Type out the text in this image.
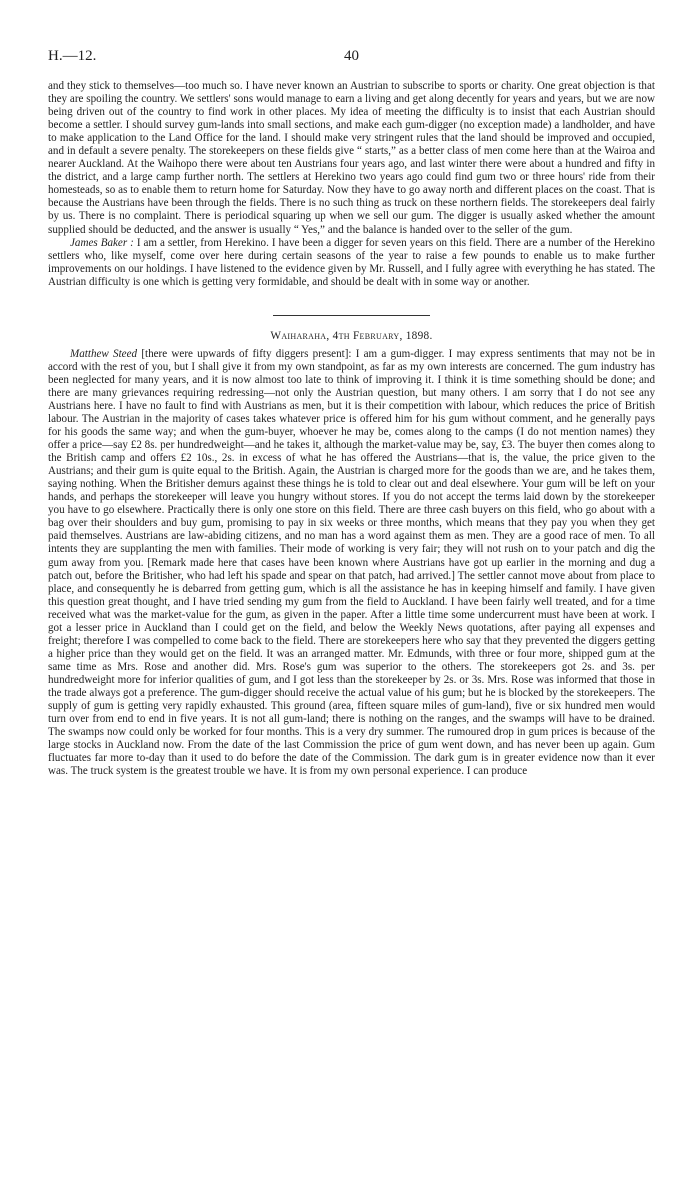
H.—12.	40

and they stick to themselves—too much so. I have never known an Austrian to subscribe to sports or charity. One great objection is that they are spoiling the country. We settlers' sons would manage to earn a living and get along decently for years and years, but we are now being driven out of the country to find work in other places. My idea of meeting the difficulty is to insist that each Austrian should become a settler. I should survey gum-lands into small sections, and make each gum-digger (no exception made) a landholder, and have to make application to the Land Office for the land. I should make very stringent rules that the land should be improved and occupied, and in default a severe penalty. The storekeepers on these fields give “ starts,” as a better class of men come here than at the Wairoa and nearer Auckland. At the Waihopo there were about ten Austrians four years ago, and last winter there were about a hundred and fifty in the district, and a large camp further north. The settlers at Herekino two years ago could find gum two or three hours' ride from their homesteads, so as to enable them to return home for Saturday. Now they have to go away north and different places on the coast. That is because the Austrians have been through the fields. There is no such thing as truck on these northern fields. The storekeepers deal fairly by us. There is no complaint. There is periodical squaring up when we sell our gum. The digger is usually asked whether the amount supplied should be deducted, and the answer is usually “ Yes,” and the balance is handed over to the seller of the gum.

James Baker : I am a settler, from Herekino. I have been a digger for seven years on this field. There are a number of the Herekino settlers who, like myself, come over here during certain seasons of the year to raise a few pounds to enable us to make further improvements on our holdings. I have listened to the evidence given by Mr. Russell, and I fully agree with everything he has stated. The Austrian difficulty is one which is getting very formidable, and should be dealt with in some way or another.

Waiharaha, 4th February, 1898.

Matthew Steed [there were upwards of fifty diggers present]: I am a gum-digger. I may express sentiments that may not be in accord with the rest of you, but I shall give it from my own standpoint, as far as my own interests are concerned. The gum industry has been neglected for many years, and it is now almost too late to think of improving it. I think it is time something should be done; and there are many grievances requiring redressing—not only the Austrian question, but many others. I am sorry that I do not see any Austrians here. I have no fault to find with Austrians as men, but it is their competition with labour, which reduces the price of British labour. The Austrian in the majority of cases takes whatever price is offered him for his gum without comment, and he generally pays for his goods the same way; and when the gum-buyer, whoever he may be, comes along to the camps (I do not mention names) they offer a price—say £2 8s. per hundredweight—and he takes it, although the market-value may be, say, £3. The buyer then comes along to the British camp and offers £2 10s., 2s. in excess of what he has offered the Austrians—that is, the value, the price given to the Austrians; and their gum is quite equal to the British. Again, the Austrian is charged more for the goods than we are, and he takes them, saying nothing. When the Britisher demurs against these things he is told to clear out and deal elsewhere. Your gum will be left on your hands, and perhaps the storekeeper will leave you hungry without stores. If you do not accept the terms laid down by the storekeeper you have to go elsewhere. Practically there is only one store on this field. There are three cash buyers on this field, who go about with a bag over their shoulders and buy gum, promising to pay in six weeks or three months, which means that they pay you when they get paid themselves. Austrians are law-abiding citizens, and no man has a word against them as men. They are a good race of men. To all intents they are supplanting the men with families. Their mode of working is very fair; they will not rush on to your patch and dig the gum away from you. [Remark made here that cases have been known where Austrians have got up earlier in the morning and dug a patch out, before the Britisher, who had left his spade and spear on that patch, had arrived.] The settler cannot move about from place to place, and consequently he is debarred from getting gum, which is all the assistance he has in keeping himself and family. I have given this question great thought, and I have tried sending my gum from the field to Auckland. I have been fairly well treated, and for a time received what was the market-value for the gum, as given in the paper. After a little time some undercurrent must have been at work. I got a lesser price in Auckland than I could get on the field, and below the Weekly News quotations, after paying all expenses and freight; therefore I was compelled to come back to the field. There are storekeepers here who say that they prevented the diggers getting a higher price than they would get on the field. It was an arranged matter. Mr. Edmunds, with three or four more, shipped gum at the same time as Mrs. Rose and another did. Mrs. Rose's gum was superior to the others. The storekeepers got 2s. and 3s. per hundredweight more for inferior qualities of gum, and I got less than the storekeeper by 2s. or 3s. Mrs. Rose was informed that those in the trade always got a preference. The gum-digger should receive the actual value of his gum; but he is blocked by the storekeepers. The supply of gum is getting very rapidly exhausted. This ground (area, fifteen square miles of gum-land), five or six hundred men would turn over from end to end in five years. It is not all gum-land; there is nothing on the ranges, and the swamps will have to be drained. The swamps now could only be worked for four months. This is a very dry summer. The rumoured drop in gum prices is because of the large stocks in Auckland now. From the date of the last Commission the price of gum went down, and has never been up again. Gum fluctuates far more to-day than it used to do before the date of the Commission. The dark gum is in greater evidence now than it ever was. The truck system is the greatest trouble we have. It is from my own personal experience. I can produce
